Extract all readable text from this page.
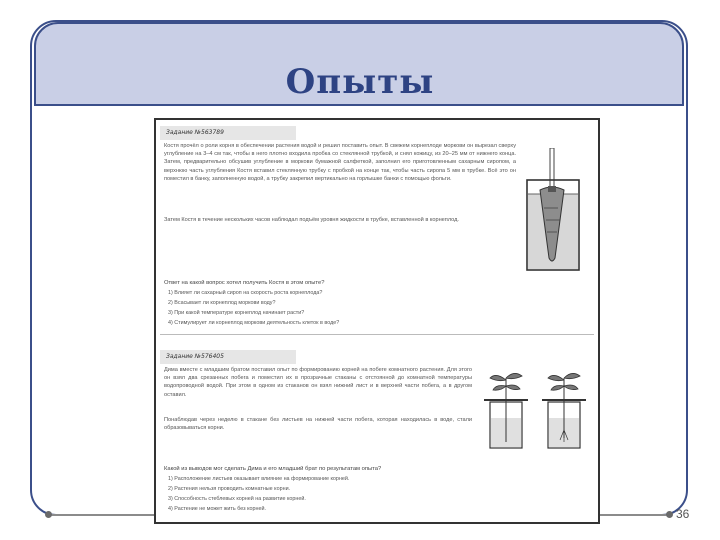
Опыты
36
Задание №563789
Костя прочёл о роли корня в обеспечении растения водой и решил поставить опыт. В свежем корнеплоде моркови он вырезал сверху углубление на 3–4 см так, чтобы в него плотно входила пробка со стеклянной трубкой, и снял кожицу, из 20–25 мм от нижнего конца. Затем, предварительно обсушив углубление в моркови бумажной салфеткой, заполнил его приготовленным сахарным сиропом, а верхнюю часть углубления Костя вставил стеклянную трубку с пробкой на конце так, чтобы часть сиропа 5 мм в трубке. Всё это он поместил в банку, заполненную водой, а трубку закрепил вертикально на горлышке банки с помощью фольги.
Затем Костя в течение нескольких часов наблюдал подъём уровня жидкости в трубке, вставленной в корнеплод.
Ответ на какой вопрос хотел получить Костя в этом опыте?
1) Влияет ли сахарный сироп на скорость роста корнеплода?
2) Всасывает ли корнеплод моркови воду?
3) При какой температуре корнеплод начинает расти?
4) Стимулирует ли корнеплод моркови деятельность клеток в воде?
Задание №576405
Дима вместе с младшим братом поставил опыт по формированию корней на побеге комнатного растения. Для этого он взял два срезанных побега и поместил их в прозрачные стаканы с отстоянной до комнатной температуры водопроводной водой. При этом в одном из стаканов он взял нижний лист и в верхней части побега, а в другом оставил.
Понаблюдав через неделю в стакане без листьев на нижней части побега, которая находилась в воде, стали образовываться корни.
Какой из выводов мог сделать Дима и его младший брат по результатам опыта?
1) Расположение листьев оказывает влияние на формирование корней.
2) Растения нельзя проводить комнатные корни.
3) Способность стеблевых корней на развитие корней.
4) Растение не может жить без корней.
